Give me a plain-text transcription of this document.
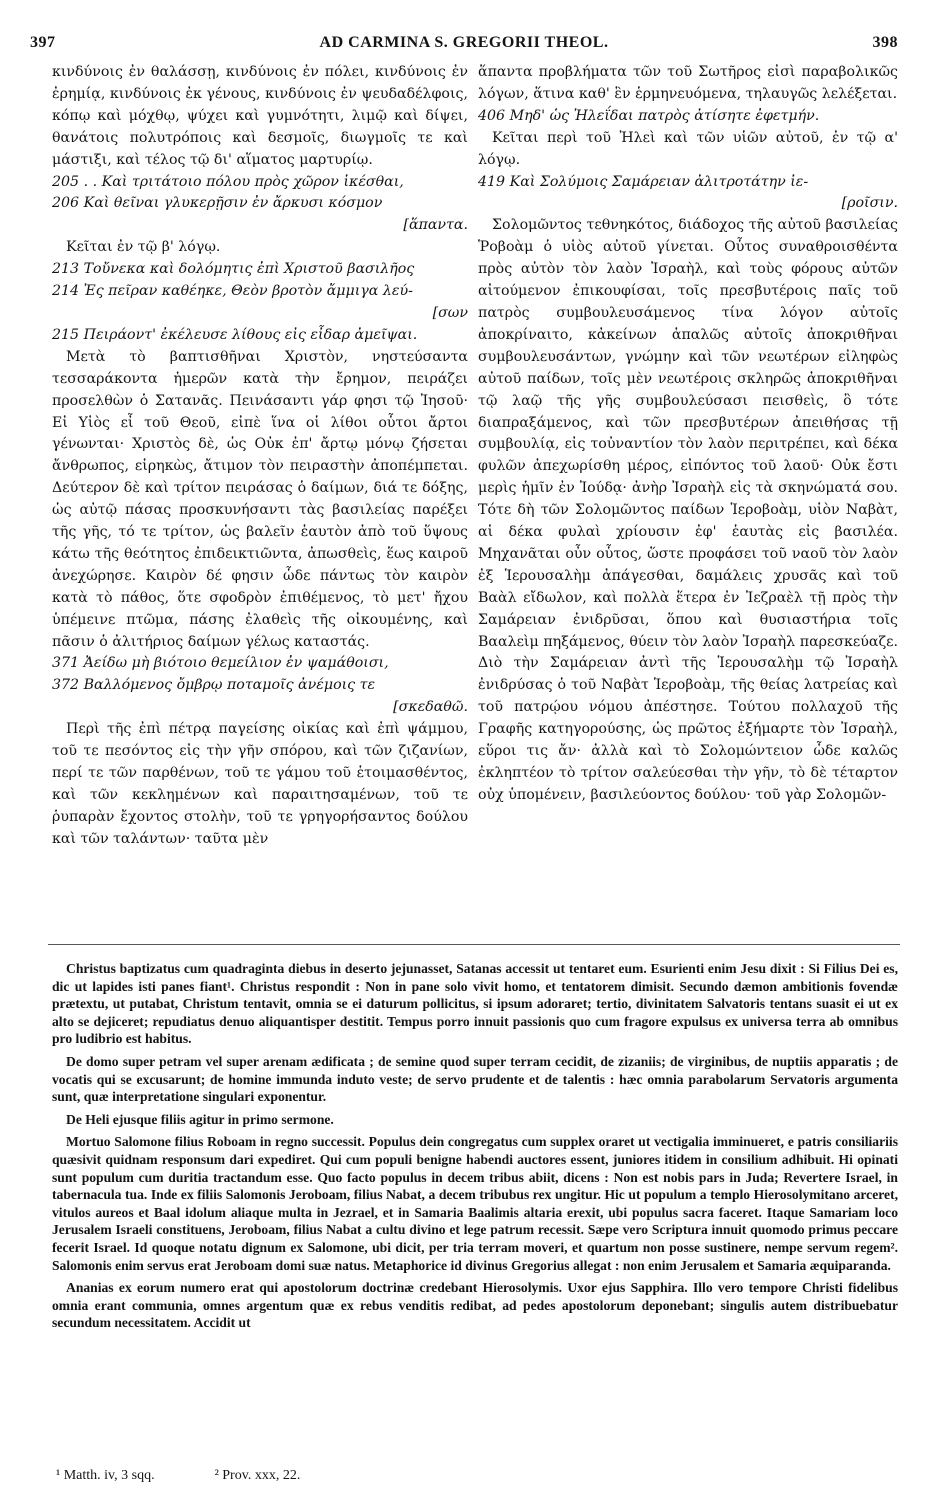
397	AD CARMINA S. GREGORII THEOL.	398

κινδύνοις ἐν θαλάσσῃ, κινδύνοις ἐν πόλει, κινδύνοις ἐν ἐρημίᾳ, κινδύνοις ἐκ γένους, κινδύνοις ἐν ψευδαδέλφοις, κόπῳ καὶ μόχθῳ, ψύχει καὶ γυμνότητι, λιμῷ καὶ δίψει, θανάτοις πολυτρόποις καὶ δεσμοῖς, διωγμοῖς τε καὶ μάστιξι, καὶ τέλος τῷ δι' αἵματος μαρτυρίῳ.

205 . . Καὶ τριτάτοιο πόλου πρὸς χῶρον ἱκέσθαι,

206 Καὶ θεῖναι γλυκερῇσιν ἐν ἄρκυσι κόσμον

[ἅπαντα.

Κεῖται ἐν τῷ β' λόγῳ.

213 Τοὔνεκα καὶ δολόμητις ἐπὶ Χριστοῦ βασιλῆος

214 Ἐς πεῖραν καθέηκε, Θεὸν βροτὸν ἄμμιγα λεύ-

[σων

215 Πειράοντ' ἐκέλευσε λίθους εἰς εἶδαρ ἀμεῖψαι.

Μετὰ τὸ βαπτισθῆναι Χριστὸν, νηστεύσαντα τεσσαράκοντα ἡμερῶν κατὰ τὴν ἔρημον, πειράζει προσελθὼν ὁ Σατανᾶς. Πεινάσαντι γάρ φησι τῷ Ἰησοῦ· Εἰ Υἱὸς εἶ τοῦ Θεοῦ, εἰπὲ ἵνα οἱ λίθοι οὗτοι ἄρτοι γένωνται· Χριστὸς δὲ, ὡς Οὐκ ἐπ' ἄρτῳ μόνῳ ζήσεται ἄνθρωπος, εἰρηκὼς, ἄτιμον τὸν πειραστὴν ἀποπέμπεται. Δεύτερον δὲ καὶ τρίτον πειράσας ὁ δαίμων, διά τε δόξης, ὡς αὐτῷ πάσας προσκυνήσαντι τὰς βασιλείας παρέξει τῆς γῆς, τό τε τρίτον, ὡς βαλεῖν ἑαυτὸν ἀπὸ τοῦ ὕψους κάτω τῆς θεότητος ἐπιδεικτιῶντα, ἀπωσθεὶς, ἕως καιροῦ ἀνεχώρησε. Καιρὸν δέ φησιν ὧδε πάντως τὸν καιρὸν κατὰ τὸ πάθος, ὅτε σφοδρὸν ἐπιθέμενος, τὸ μετ' ἤχου ὑπέμεινε πτῶμα, πάσης ἐλαθεὶς τῆς οἰκουμένης, καὶ πᾶσιν ὁ ἀλιτήριος δαίμων γέλως καταστάς.

371 Ἀείδω μὴ βιότοιο θεμείλιον ἐν ψαμάθοισι,

372 Βαλλόμενος ὄμβρῳ ποταμοῖς ἀνέμοις τε

[σκεδαθῶ.

Περὶ τῆς ἐπὶ πέτρᾳ παγείσης οἰκίας καὶ ἐπὶ ψάμμου, τοῦ τε πεσόντος εἰς τὴν γῆν σπόρου, καὶ τῶν ζιζανίων, περί τε τῶν παρθένων, τοῦ τε γάμου τοῦ ἑτοιμασθέντος, καὶ τῶν κεκλημένων καὶ παραιτησαμένων, τοῦ τε ῥυπαρὰν ἔχοντος στολὴν, τοῦ τε γρηγορήσαντος δούλου καὶ τῶν ταλάντων· ταῦτα μὲν

ἅπαντα προβλήματα τῶν τοῦ Σωτῆρος εἰσὶ παραβολικῶς λόγων, ἅτινα καθ' ἓν ἑρμηνευόμενα, τηλαυγῶς λελέξεται.

406 Μηδ' ὡς Ἠλεΐδαι πατρὸς ἀτίσητε ἐφετμήν.

Κεῖται περὶ τοῦ Ἠλεὶ καὶ τῶν υἱῶν αὐτοῦ, ἐν τῷ α' λόγῳ.

419 Καὶ Σολύμοις Σαμάρειαν ἀλιτροτάτην ἱε-

[ροῖσιν.

Σολομῶντος τεθνηκότος, διάδοχος τῆς αὐτοῦ βασιλείας Ῥοβοὰμ ὁ υἱὸς αὐτοῦ γίνεται. Οὗτος συναθροισθέντα πρὸς αὐτὸν τὸν λαὸν Ἰσραὴλ, καὶ τοὺς φόρους αὐτῶν αἰτούμενον ἐπικουφίσαι, τοῖς πρεσβυτέροις παῖς τοῦ πατρὸς συμβουλευσάμενος τίνα λόγον αὐτοῖς ἀποκρίναιτο, κἀκείνων ἁπαλῶς αὐτοῖς ἀποκριθῆναι συμβουλευσάντων, γνώμην καὶ τῶν νεωτέρων εἰληφὼς αὐτοῦ παίδων, τοῖς μὲν νεωτέροις σκληρῶς ἀποκριθῆναι τῷ λαῷ τῆς γῆς συμβουλεύσασι πεισθεὶς, ὃ τότε διαπραξάμενος, καὶ τῶν πρεσβυτέρων ἀπειθήσας τῇ συμβουλίᾳ, εἰς τοὐναντίον τὸν λαὸν περιτρέπει, καὶ δέκα φυλῶν ἀπεχωρίσθη μέρος, εἰπόντος τοῦ λαοῦ· Οὐκ ἔστι μερὶς ἡμῖν ἐν Ἰούδᾳ· ἀνὴρ Ἰσραὴλ εἰς τὰ σκηνώματά σου. Τότε δὴ τῶν Σολομῶντος παίδων Ἱεροβοὰμ, υἱὸν Ναβὰτ, αἱ δέκα φυλαὶ χρίουσιν ἐφ' ἑαυτὰς εἰς βασιλέα. Μηχανᾶται οὖν οὗτος, ὥστε προφάσει τοῦ ναοῦ τὸν λαὸν ἐξ Ἱερουσαλὴμ ἀπάγεσθαι, δαμάλεις χρυσᾶς καὶ τοῦ Βαὰλ εἴδωλον, καὶ πολλὰ ἕτερα ἐν Ἰεζραὲλ τῇ πρὸς τὴν Σαμάρειαν ἐνιδρῦσαι, ὅπου καὶ θυσιαστήρια τοῖς Βααλεὶμ πηξάμενος, θύειν τὸν λαὸν Ἰσραὴλ παρεσκεύαζε. Διὸ τὴν Σαμάρειαν ἀντὶ τῆς Ἱερουσαλὴμ τῷ Ἰσραὴλ ἐνιδρύσας ὁ τοῦ Ναβὰτ Ἱεροβοὰμ, τῆς θείας λατρείας καὶ τοῦ πατρῴου νόμου ἀπέστησε. Τούτου πολλαχοῦ τῆς Γραφῆς κατηγορούσης, ὡς πρῶτος ἐξήμαρτε τὸν Ἰσραὴλ, εὕροι τις ἄν· ἀλλὰ καὶ τὸ Σολομώντειον ὧδε καλῶς ἐκληπτέον τὸ τρίτον σαλεύεσθαι τὴν γῆν, τὸ δὲ τέταρτον οὐχ ὑπομένειν, βασιλεύοντος δούλου· τοῦ γὰρ Σολομῶν-

Christus baptizatus cum quadraginta diebus in deserto jejunasset, Satanas accessit ut tentaret eum. Esurienti enim Jesu dixit : Si Filius Dei es, dic ut lapides isti panes fiant¹. Christus respondit : Non in pane solo vivit homo, et tentatorem dimisit. Secundo dæmon ambitionis fovendæ prætextu, ut putabat, Christum tentavit, omnia se ei daturum pollicitus, si ipsum adoraret; tertio, divinitatem Salvatoris tentans suasit ei ut ex alto se dejiceret; repudiatus denuo aliquantisper destitit. Tempus porro innuit passionis quo cum fragore expulsus ex universa terra ab omnibus pro ludibrio est habitus.

De domo super petram vel super arenam ædificata ; de semine quod super terram cecidit, de zizaniis; de virginibus, de nuptiis apparatis ; de vocatis qui se excusarunt; de homine immunda induto veste; de servo prudente et de talentis : hæc omnia parabolarum Servatoris argumenta sunt, quæ interpretatione singulari exponentur.

De Heli ejusque filiis agitur in primo sermone.

Mortuo Salomone filius Roboam in regno successit. Populus dein congregatus cum supplex oraret ut vectigalia imminueret, e patris consiliariis quæsivit quidnam responsum dari expediret. Qui cum populi benigne habendi auctores essent, juniores itidem in consilium adhibuit. Hi opinati sunt populum cum duritia tractandum esse. Quo facto populus in decem tribus abiit, dicens : Non est nobis pars in Juda; Revertere Israel, in tabernacula tua. Inde ex filiis Salomonis Jeroboam, filius Nabat, a decem tribubus rex ungitur. Hic ut populum a templo Hierosolymitano arceret, vitulos aureos et Baal idolum aliaque multa in Jezrael, et in Samaria Baalimis altaria erexit, ubi populus sacra faceret. Itaque Samariam loco Jerusalem Israeli constituens, Jeroboam, filius Nabat a cultu divino et lege patrum recessit. Sæpe vero Scriptura innuit quomodo primus peccare fecerit Israel. Id quoque notatu dignum ex Salomone, ubi dicit, per tria terram moveri, et quartum non posse sustinere, nempe servum regem². Salomonis enim servus erat Jeroboam domi suæ natus. Metaphorice id divinus Gregorius allegat : non enim Jerusalem et Samaria æquiparanda.

Ananias ex eorum numero erat qui apostolorum doctrinæ credebant Hierosolymis. Uxor ejus Sapphira. Illo vero tempore Christi fidelibus omnia erant communia, omnes argentum quæ ex rebus venditis redibat, ad pedes apostolorum deponebant; singulis autem distribuebatur secundum necessitatem. Accidit ut

¹ Matth. iv, 3 sqq.	² Prov. xxx, 22.
